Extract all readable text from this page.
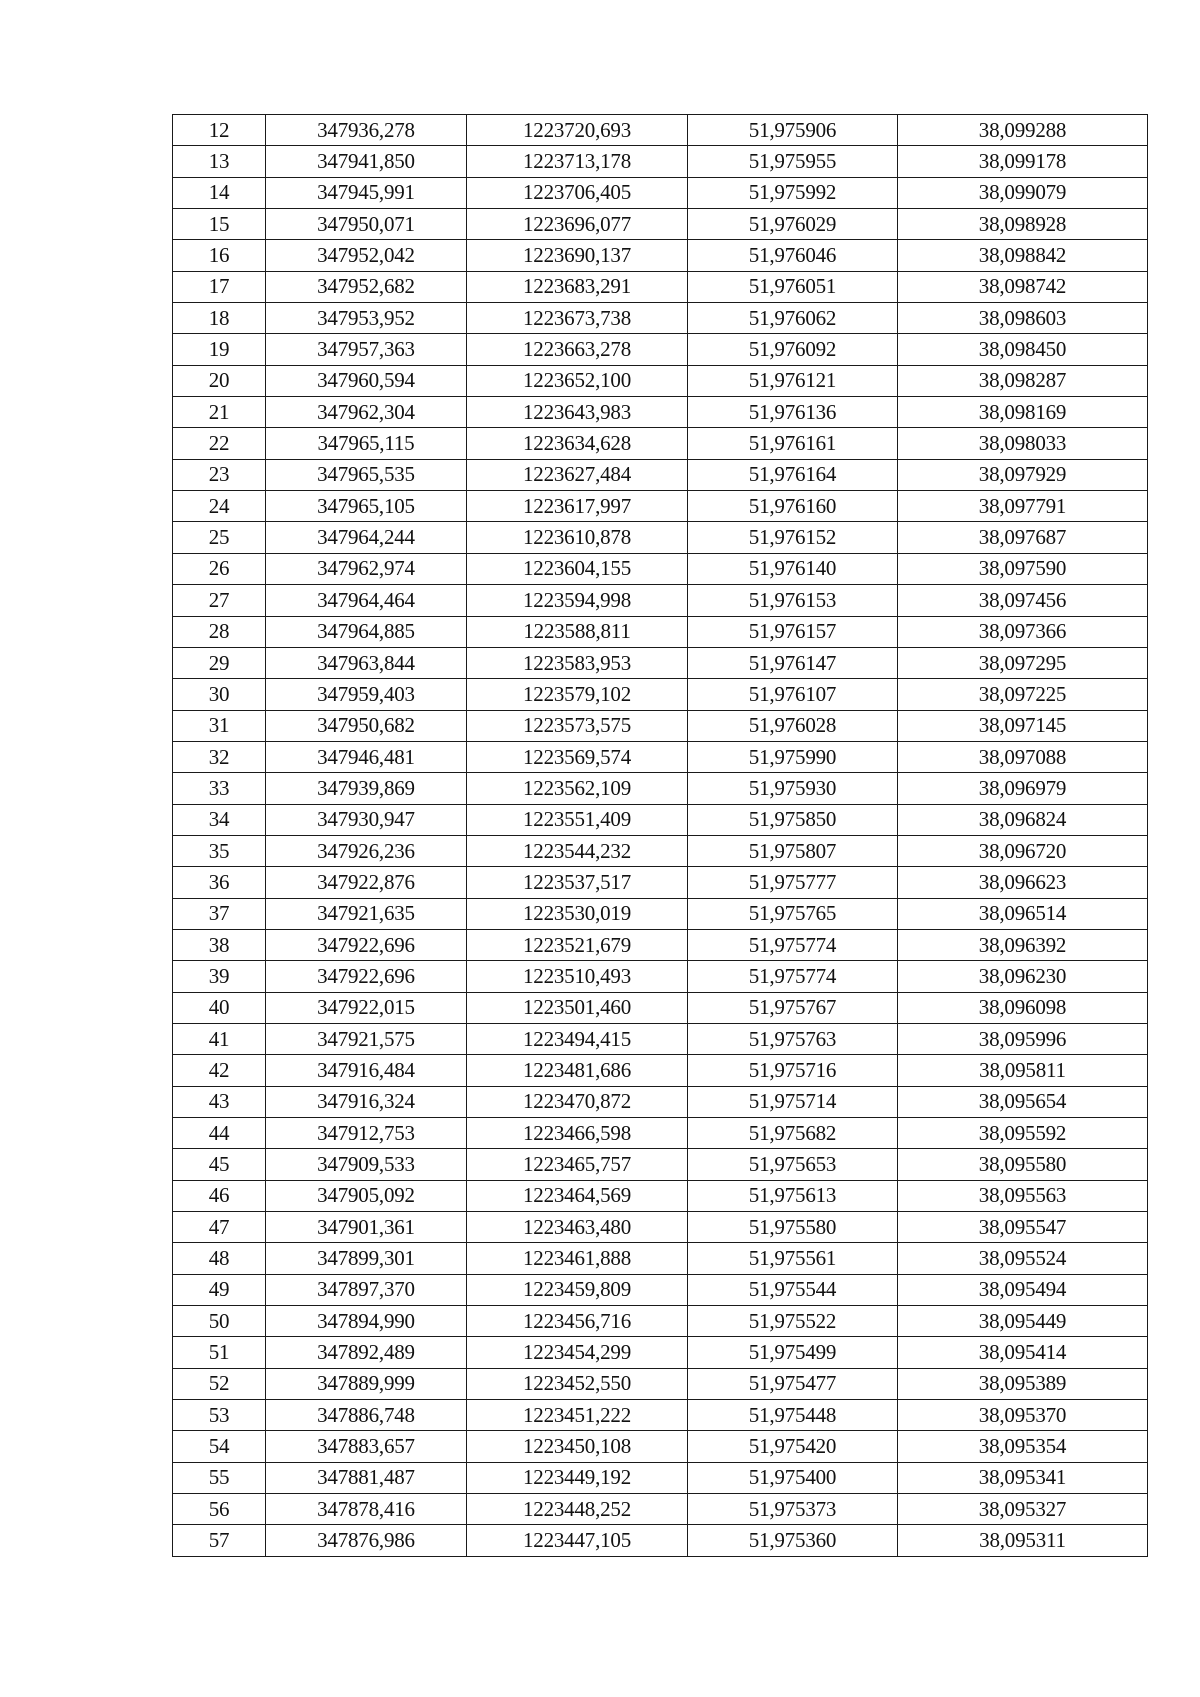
12	347936,278	1223720,693	51,975906	38,099288
13	347941,850	1223713,178	51,975955	38,099178
14	347945,991	1223706,405	51,975992	38,099079
15	347950,071	1223696,077	51,976029	38,098928
16	347952,042	1223690,137	51,976046	38,098842
17	347952,682	1223683,291	51,976051	38,098742
18	347953,952	1223673,738	51,976062	38,098603
19	347957,363	1223663,278	51,976092	38,098450
20	347960,594	1223652,100	51,976121	38,098287
21	347962,304	1223643,983	51,976136	38,098169
22	347965,115	1223634,628	51,976161	38,098033
23	347965,535	1223627,484	51,976164	38,097929
24	347965,105	1223617,997	51,976160	38,097791
25	347964,244	1223610,878	51,976152	38,097687
26	347962,974	1223604,155	51,976140	38,097590
27	347964,464	1223594,998	51,976153	38,097456
28	347964,885	1223588,811	51,976157	38,097366
29	347963,844	1223583,953	51,976147	38,097295
30	347959,403	1223579,102	51,976107	38,097225
31	347950,682	1223573,575	51,976028	38,097145
32	347946,481	1223569,574	51,975990	38,097088
33	347939,869	1223562,109	51,975930	38,096979
34	347930,947	1223551,409	51,975850	38,096824
35	347926,236	1223544,232	51,975807	38,096720
36	347922,876	1223537,517	51,975777	38,096623
37	347921,635	1223530,019	51,975765	38,096514
38	347922,696	1223521,679	51,975774	38,096392
39	347922,696	1223510,493	51,975774	38,096230
40	347922,015	1223501,460	51,975767	38,096098
41	347921,575	1223494,415	51,975763	38,095996
42	347916,484	1223481,686	51,975716	38,095811
43	347916,324	1223470,872	51,975714	38,095654
44	347912,753	1223466,598	51,975682	38,095592
45	347909,533	1223465,757	51,975653	38,095580
46	347905,092	1223464,569	51,975613	38,095563
47	347901,361	1223463,480	51,975580	38,095547
48	347899,301	1223461,888	51,975561	38,095524
49	347897,370	1223459,809	51,975544	38,095494
50	347894,990	1223456,716	51,975522	38,095449
51	347892,489	1223454,299	51,975499	38,095414
52	347889,999	1223452,550	51,975477	38,095389
53	347886,748	1223451,222	51,975448	38,095370
54	347883,657	1223450,108	51,975420	38,095354
55	347881,487	1223449,192	51,975400	38,095341
56	347878,416	1223448,252	51,975373	38,095327
57	347876,986	1223447,105	51,975360	38,095311
